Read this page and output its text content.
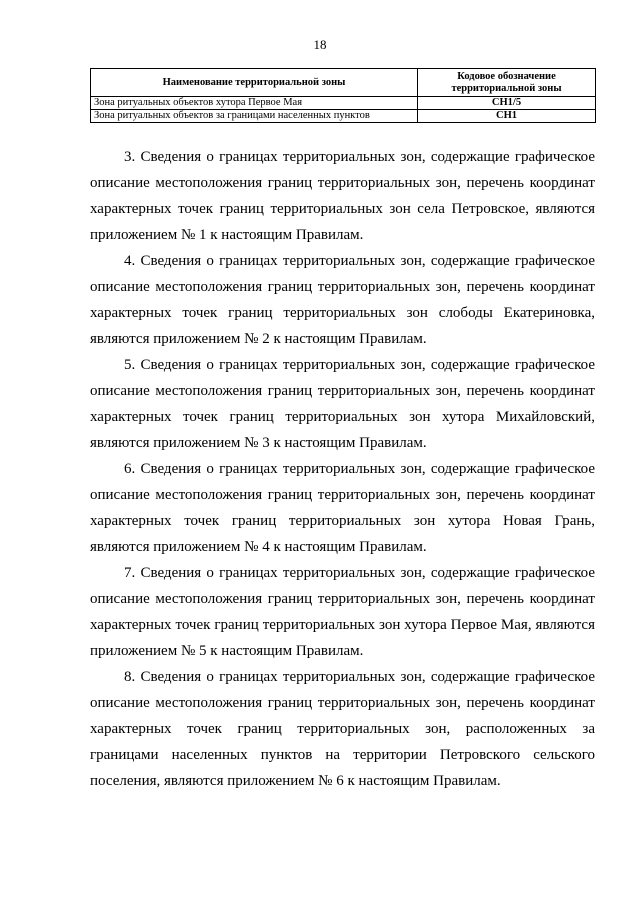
18
Наименование территориальной зоны	Кодовое обозначение территориальной зоны
Зона ритуальных объектов хутора Первое Мая	СН1/5
Зона ритуальных объектов за границами населенных пунктов	СН1

3. Сведения о границах территориальных зон, содержащие графическое описание местоположения границ территориальных зон, перечень координат характерных точек границ территориальных зон села Петровское, являются приложением № 1 к настоящим Правилам.

4. Сведения о границах территориальных зон, содержащие графическое описание местоположения границ территориальных зон, перечень координат характерных точек границ территориальных зон слободы Екатериновка, являются приложением № 2 к настоящим Правилам.

5. Сведения о границах территориальных зон, содержащие графическое описание местоположения границ территориальных зон, перечень координат характерных точек границ территориальных зон хутора Михайловский, являются приложением № 3 к настоящим Правилам.

6. Сведения о границах территориальных зон, содержащие графическое описание местоположения границ территориальных зон, перечень координат характерных точек границ территориальных зон хутора Новая Грань, являются приложением № 4 к настоящим Правилам.

7. Сведения о границах территориальных зон, содержащие графическое описание местоположения границ территориальных зон, перечень координат характерных точек границ территориальных зон хутора Первое Мая, являются приложением № 5 к настоящим Правилам.

8. Сведения о границах территориальных зон, содержащие графическое описание местоположения границ территориальных зон, перечень координат характерных точек границ территориальных зон, расположенных за границами населенных пунктов на территории Петровского сельского поселения, являются приложением № 6 к настоящим Правилам.
